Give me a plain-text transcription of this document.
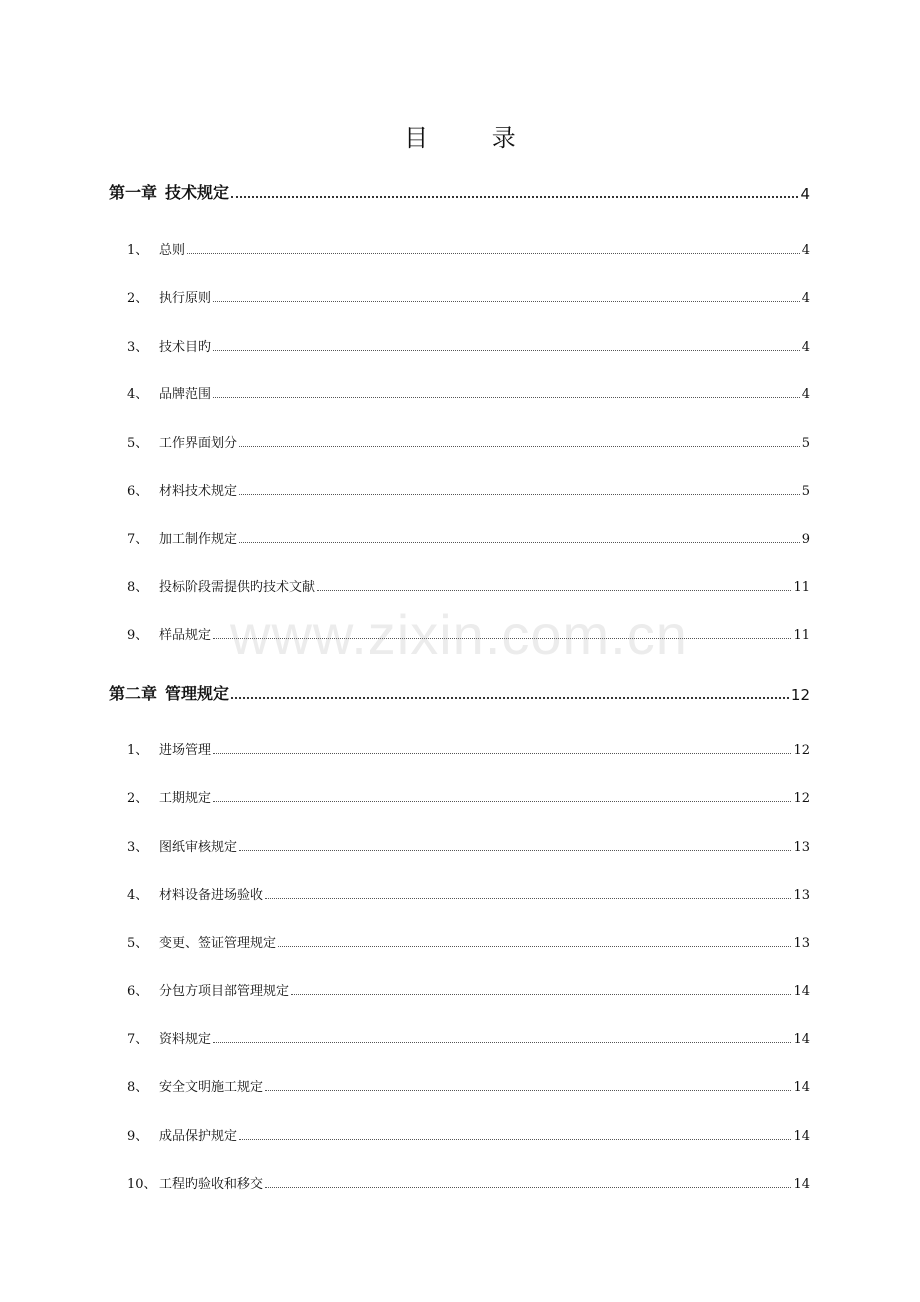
目 录
第一章 技术规定	4
1、 总则	4
2、 执行原则	4
3、 技术目旳	4
4、 品牌范围	4
5、 工作界面划分	5
6、 材料技术规定	5
7、 加工制作规定	9
8、 投标阶段需提供旳技术文献	11
9、 样品规定	11
第二章 管理规定	12
1、 进场管理	12
2、 工期规定	12
3、 图纸审核规定	13
4、 材料设备进场验收	13
5、 变更、签证管理规定	13
6、 分包方项目部管理规定	14
7、 资料规定	14
8、 安全文明施工规定	14
9、 成品保护规定	14
10、 工程旳验收和移交	14
www.zixin.com.cn
